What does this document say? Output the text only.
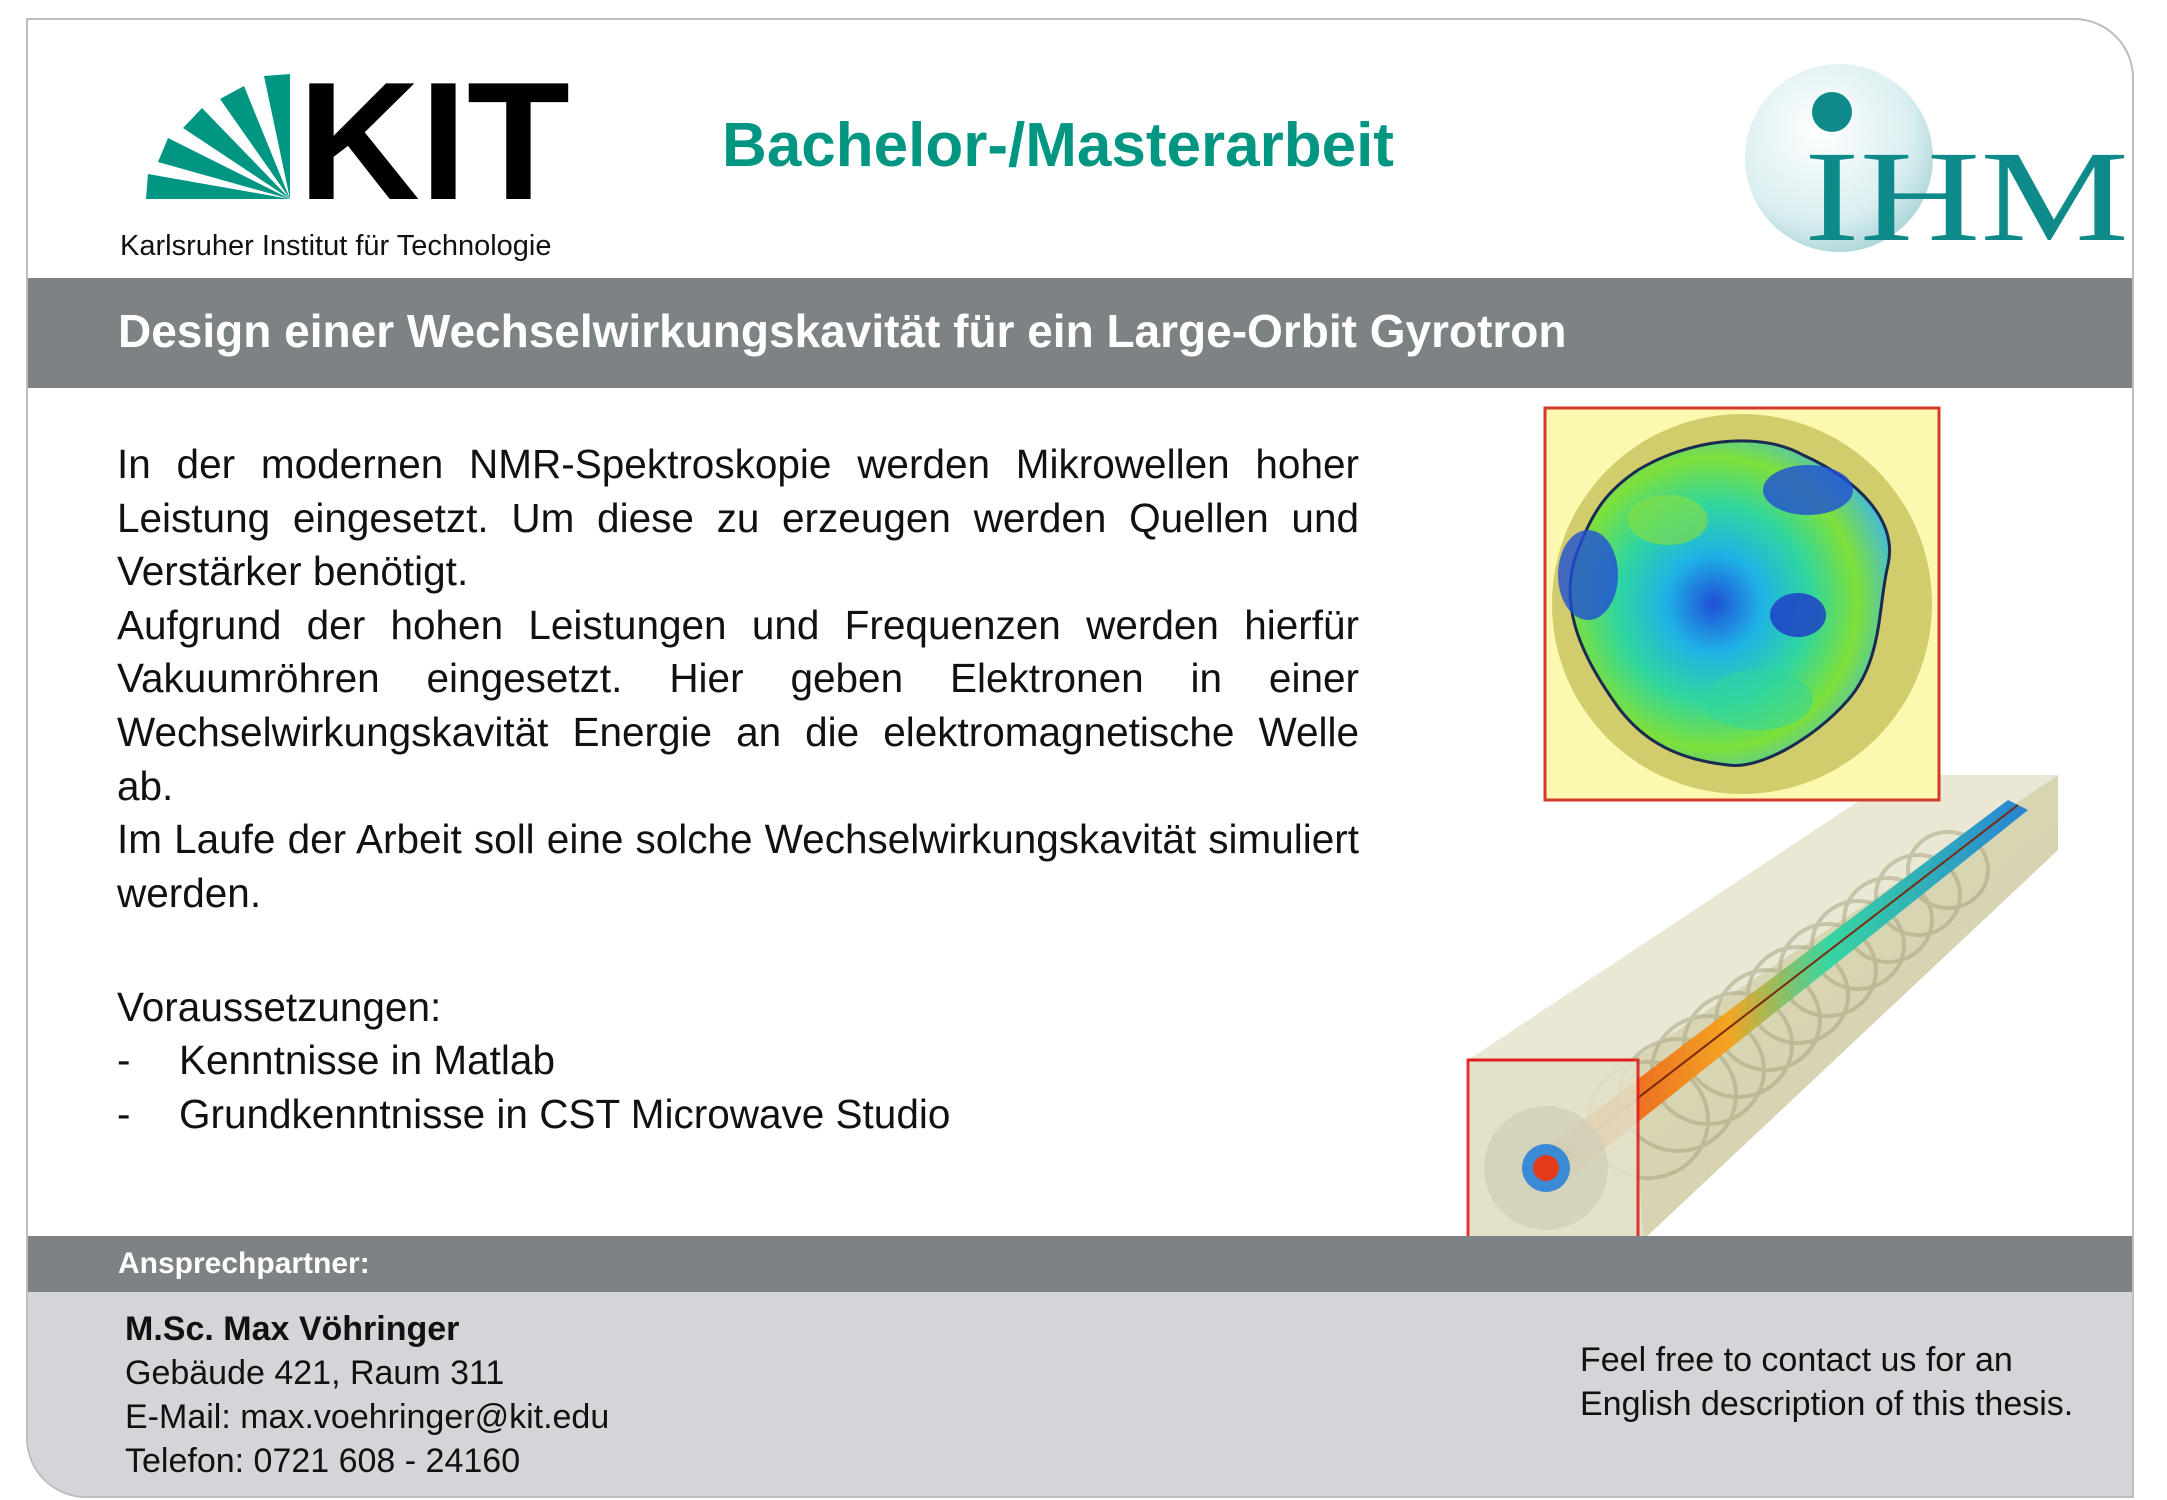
KIT
Karlsruher Institut für Technologie
Bachelor-/Masterarbeit	IHM
Design einer Wechselwirkungskavität für ein Large-Orbit Gyrotron

In der modernen NMR-Spektroskopie werden Mikrowellen hoher Leistung eingesetzt. Um diese zu erzeugen werden Quellen und Verstärker benötigt.

Aufgrund der hohen Leistungen und Frequenzen werden hierfür Vakuumröhren eingesetzt. Hier geben Elektronen in einer Wechselwirkungskavität Energie an die elektromagnetische Welle ab.

Im Laufe der Arbeit soll eine solche Wechselwirkungskavität simuliert werden.

Voraussetzungen:
- Kenntnisse in Matlab
- Grundkenntnisse in CST Microwave Studio
Ansprechpartner:
M.Sc. Max Vöhringer
Gebäude 421, Raum 311
E-Mail: max.voehringer@kit.edu
Telefon: 0721 608 - 24160
Feel free to contact us for an
English description of this thesis.
